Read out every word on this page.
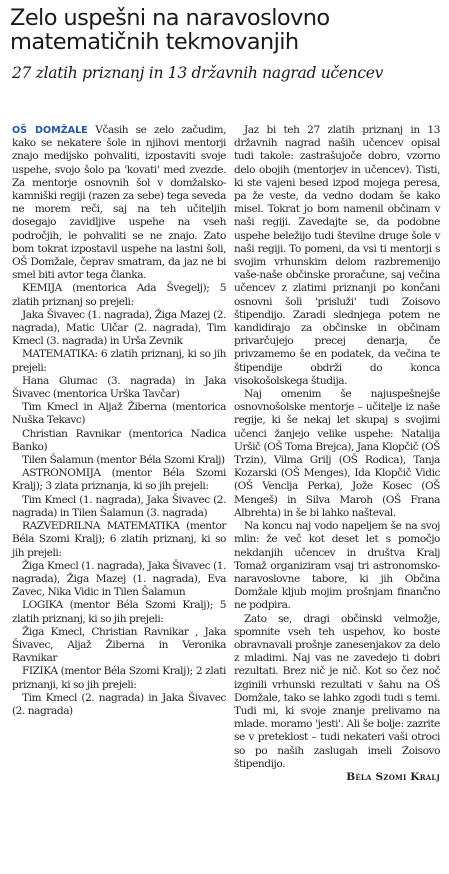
Zelo uspešni na naravoslovno
matematičnih tekmovanjih
27 zlatih priznanj in 13 državnih nagrad učencev

OŠ DOMŽALE Včasih se zelo začudim, kako se nekatere šole in njihovi mentorji znajo medijsko pohvaliti, izpostaviti svoje uspehe, svojo šolo pa 'kovati' med zvezde. Za mentorje osnovnih šol v domžalsko-kamniški regiji (razen za sebe) tega seveda ne morem reči, saj na teh učiteljih dosegajo zavidljive uspehe na vseh področjih, le pohvaliti se ne znajo. Zato bom tokrat izpostavil uspehe na lastni šoli, OŠ Domžale, čeprav smatram, da jaz ne bi smel biti avtor tega članka.

KEMIJA (mentorica Ada Švegelj); 5 zlatih priznanj so prejeli:

Jaka Šivavec (1. nagrada), Žiga Mazej (2. nagrada), Matic Ulčar (2. nagrada), Tim Kmecl (3. nagrada) in Urša Zevnik

MATEMATIKA: 6 zlatih priznanj, ki so jih prejeli:

Hana Glumac (3. nagrada) in Jaka Šivavec (mentorica Urška Tavčar)

Tim Kmecl in Aljaž Žiberna (mentorica Nuška Tekavc)

Christian Ravnikar (mentorica Nadica Banko)

Tilen Šalamun (mentor Béla Szomi Kralj)

ASTRONOMIJA (mentor Béla Szomi Kralj); 3 zlata priznanja, ki so jih prejeli:

Tim Kmecl (1. nagrada), Jaka Šivavec (2. nagrada) in Tilen Šalamun (3. nagrada)

RAZVEDRILNA MATEMATIKA (mentor Béla Szomi Kralj); 6 zlatih priznanj, ki so jih prejeli:

Žiga Kmecl (1. nagrada), Jaka Šivavec (1. nagrada), Žiga Mazej (1. nagrada), Eva Zavec, Nika Vidic in Tilen Šalamun

LOGIKA (mentor Béla Szomi Kralj); 5 zlatih priznanj, ki so jih prejeli:

Žiga Kmecl, Christian Ravnikar , Jaka Šivavec, Aljaž Žiberna in Veronika Ravnikar

FIZIKA (mentor Béla Szomi Kralj); 2 zlati priznanji, ki so jih prejeli:

Tim Kmecl (2. nagrada) in Jaka Šivavec (2. nagrada)

Jaz bi teh 27 zlatih priznanj in 13 državnih nagrad naših učencev opisal tudi takole: zastrašujoče dobro, vzorno delo obojih (mentorjev in učencev). Tisti, ki ste vajeni besed izpod mojega peresa, pa že veste, da vedno dodam še kako misel. Tokrat jo bom namenil občinam v naši regiji. Zavedajte se, da podobne uspehe beležijo tudi številne druge šole v naši regiji. To pomeni, da vsi ti mentorji s svojim vrhunskim delom razbremenijo vaše-naše občinske proračune, saj večina učencev z zlatimi priznanji po končani osnovni šoli 'prisluži' tudi Zoisovo štipendijo. Zaradi slednjega potem ne kandidirajo za občinske in občinam privarčujejo precej denarja, če privzamemo še en podatek, da večina te štipendije obdrži do konca visokošolskega študija.

Naj omenim še najuspešnejše osnovnošolske mentorje – učitelje iz naše regije, ki še nekaj let skupaj s svojimi učenci žanjejo velike uspehe: Natalija Uršič (OŠ Toma Brejca), Jana Klopčič (OŠ Trzin), Vilma Grilj (OŠ Rodica), Tanja Kozarski (OŠ Menges), Ida Klopčič Vidic (OŠ Venclja Perka), Jože Kosec (OŠ Mengeš) in Silva Maroh (OŠ Frana Albrehta) in še bi lahko našteval.

Na koncu naj vodo napeljem še na svoj mlin: že več kot deset let s pomočjo nekdanjih učencev in društva Kralj Tomaž organiziram vsaj tri astronomsko-naravoslovne tabore, ki jih Občina Domžale kljub mojim prošnjam finančno ne podpira.

Zato se, dragi občinski velmožje, spomnite vseh teh uspehov, ko boste obravnavali prošnje zanesenjakov za delo z mladimi. Naj vas ne zavedejo ti dobri rezultati. Brez nič je nič. Kot so čez noč izginili vrhunski rezultati v šahu na OŠ Domžale, tako se lahko zgodi tudi s temi. Tudi mi, ki svoje znanje prelivamo na mlade. moramo 'jesti'. Ali še bolje: zazrite se v preteklost – tudi nekateri vaši otroci so po naših zaslugah imeli Zoisovo štipendijo.

Béla Szomi Kralj
